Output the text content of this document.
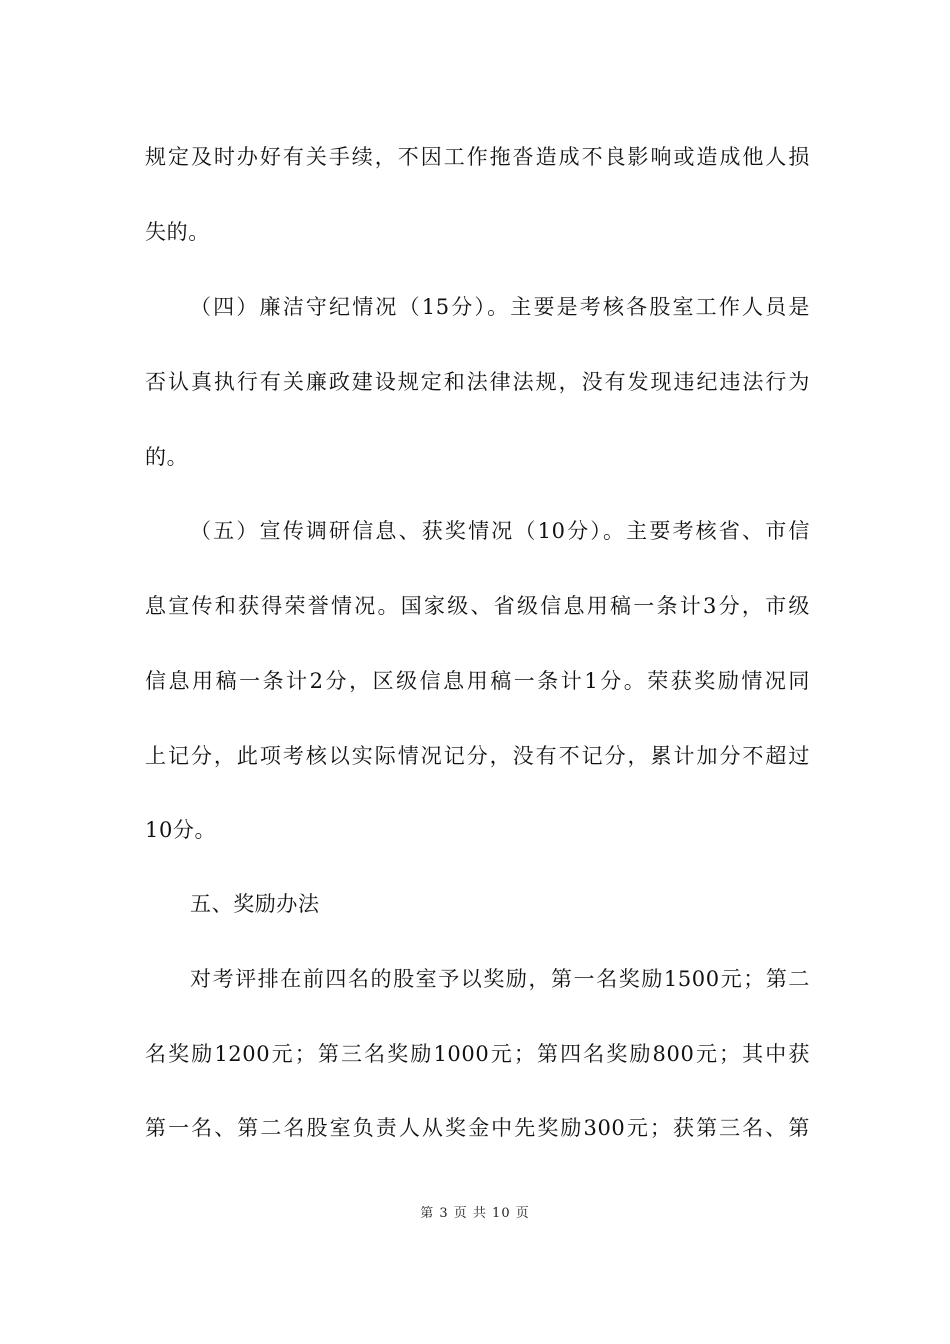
规定及时办好有关手续，不因工作拖沓造成不良影响或造成他人损
失的。
（四）廉洁守纪情况（15分）。主要是考核各股室工作人员是
否认真执行有关廉政建设规定和法律法规，没有发现违纪违法行为
的。
（五）宣传调研信息、获奖情况（10分）。主要考核省、市信
息宣传和获得荣誉情况。国家级、省级信息用稿一条计3分，市级
信息用稿一条计2分，区级信息用稿一条计1分。荣获奖励情况同
上记分，此项考核以实际情况记分，没有不记分，累计加分不超过
10分。
五、奖励办法
对考评排在前四名的股室予以奖励，第一名奖励1500元；第二
名奖励1200元；第三名奖励1000元；第四名奖励800元；其中获
第一名、第二名股室负责人从奖金中先奖励300元；获第三名、第
第 3 页 共 10 页
